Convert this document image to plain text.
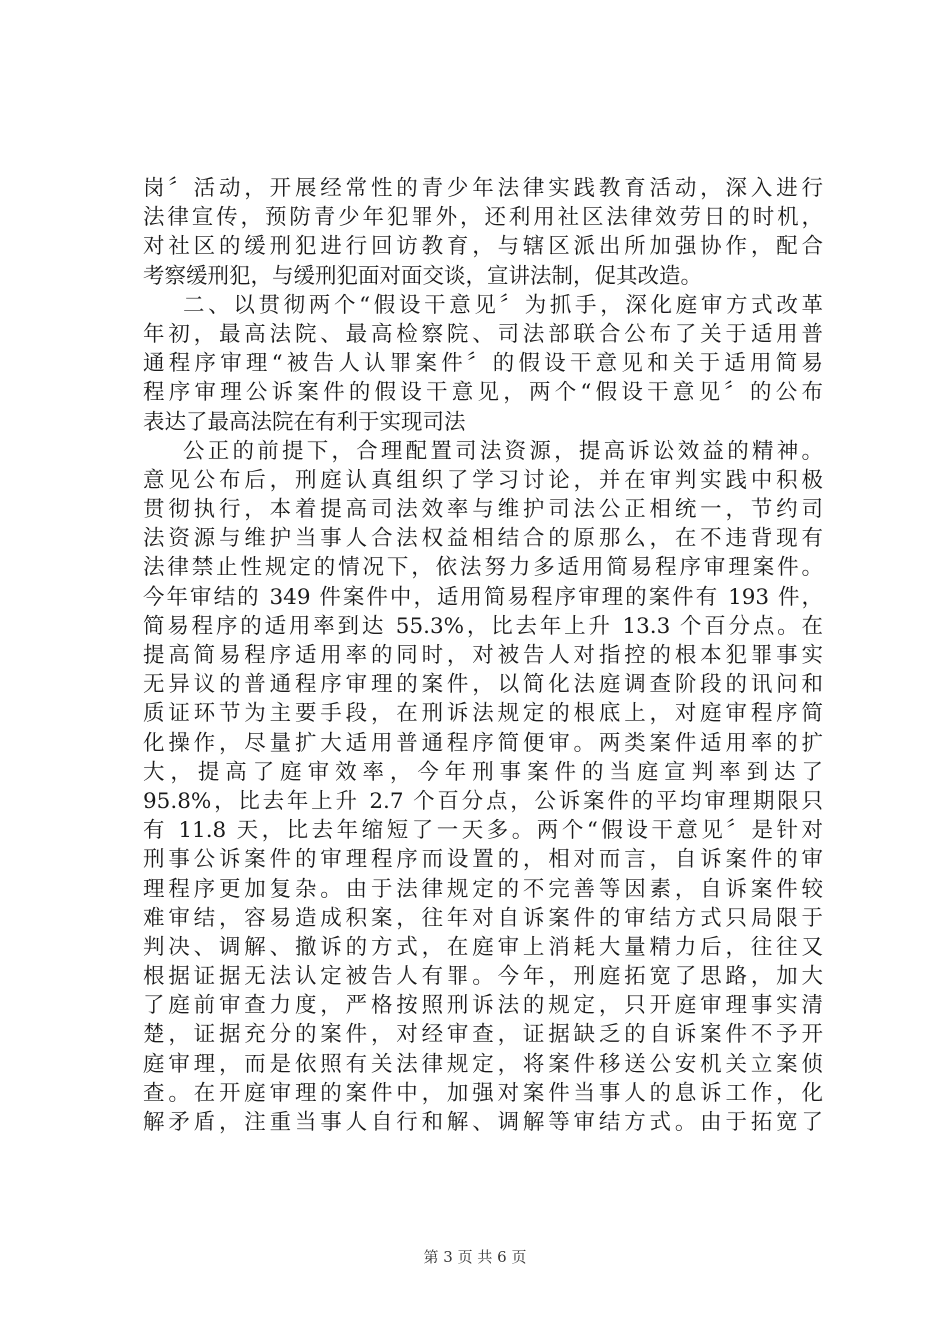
岗〞活动，开展经常性的青少年法律实践教育活动，深入进行
法律宣传，预防青少年犯罪外，还利用社区法律效劳日的时机，
对社区的缓刑犯进行回访教育，与辖区派出所加强协作，配合
考察缓刑犯，与缓刑犯面对面交谈，宣讲法制，促其改造。
二、以贯彻两个“假设干意见〞为抓手，深化庭审方式改革
年初，最高法院、最高检察院、司法部联合公布了关于适用普
通程序审理“被告人认罪案件〞的假设干意见和关于适用简易
程序审理公诉案件的假设干意见，两个“假设干意见〞的公布
表达了最高法院在有利于实现司法
公正的前提下，合理配置司法资源，提高诉讼效益的精神。
意见公布后，刑庭认真组织了学习讨论，并在审判实践中积极
贯彻执行，本着提高司法效率与维护司法公正相统一，节约司
法资源与维护当事人合法权益相结合的原那么，在不违背现有
法律禁止性规定的情况下，依法努力多适用简易程序审理案件。
今年审结的 349 件案件中，适用简易程序审理的案件有 193 件，
简易程序的适用率到达 55.3%，比去年上升 13.3 个百分点。在
提高简易程序适用率的同时，对被告人对指控的根本犯罪事实
无异议的普通程序审理的案件，以简化法庭调查阶段的讯问和
质证环节为主要手段，在刑诉法规定的根底上，对庭审程序简
化操作，尽量扩大适用普通程序简便审。两类案件适用率的扩
大，提高了庭审效率，今年刑事案件的当庭宣判率到达了
95.8%，比去年上升 2.7 个百分点，公诉案件的平均审理期限只
有 11.8 天，比去年缩短了一天多。两个“假设干意见〞是针对
刑事公诉案件的审理程序而设置的，相对而言，自诉案件的审
理程序更加复杂。由于法律规定的不完善等因素，自诉案件较
难审结，容易造成积案，往年对自诉案件的审结方式只局限于
判决、调解、撤诉的方式，在庭审上消耗大量精力后，往往又
根据证据无法认定被告人有罪。今年，刑庭拓宽了思路，加大
了庭前审查力度，严格按照刑诉法的规定，只开庭审理事实清
楚，证据充分的案件，对经审查，证据缺乏的自诉案件不予开
庭审理，而是依照有关法律规定，将案件移送公安机关立案侦
查。在开庭审理的案件中，加强对案件当事人的息诉工作，化
解矛盾，注重当事人自行和解、调解等审结方式。由于拓宽了
第 3 页 共 6 页
